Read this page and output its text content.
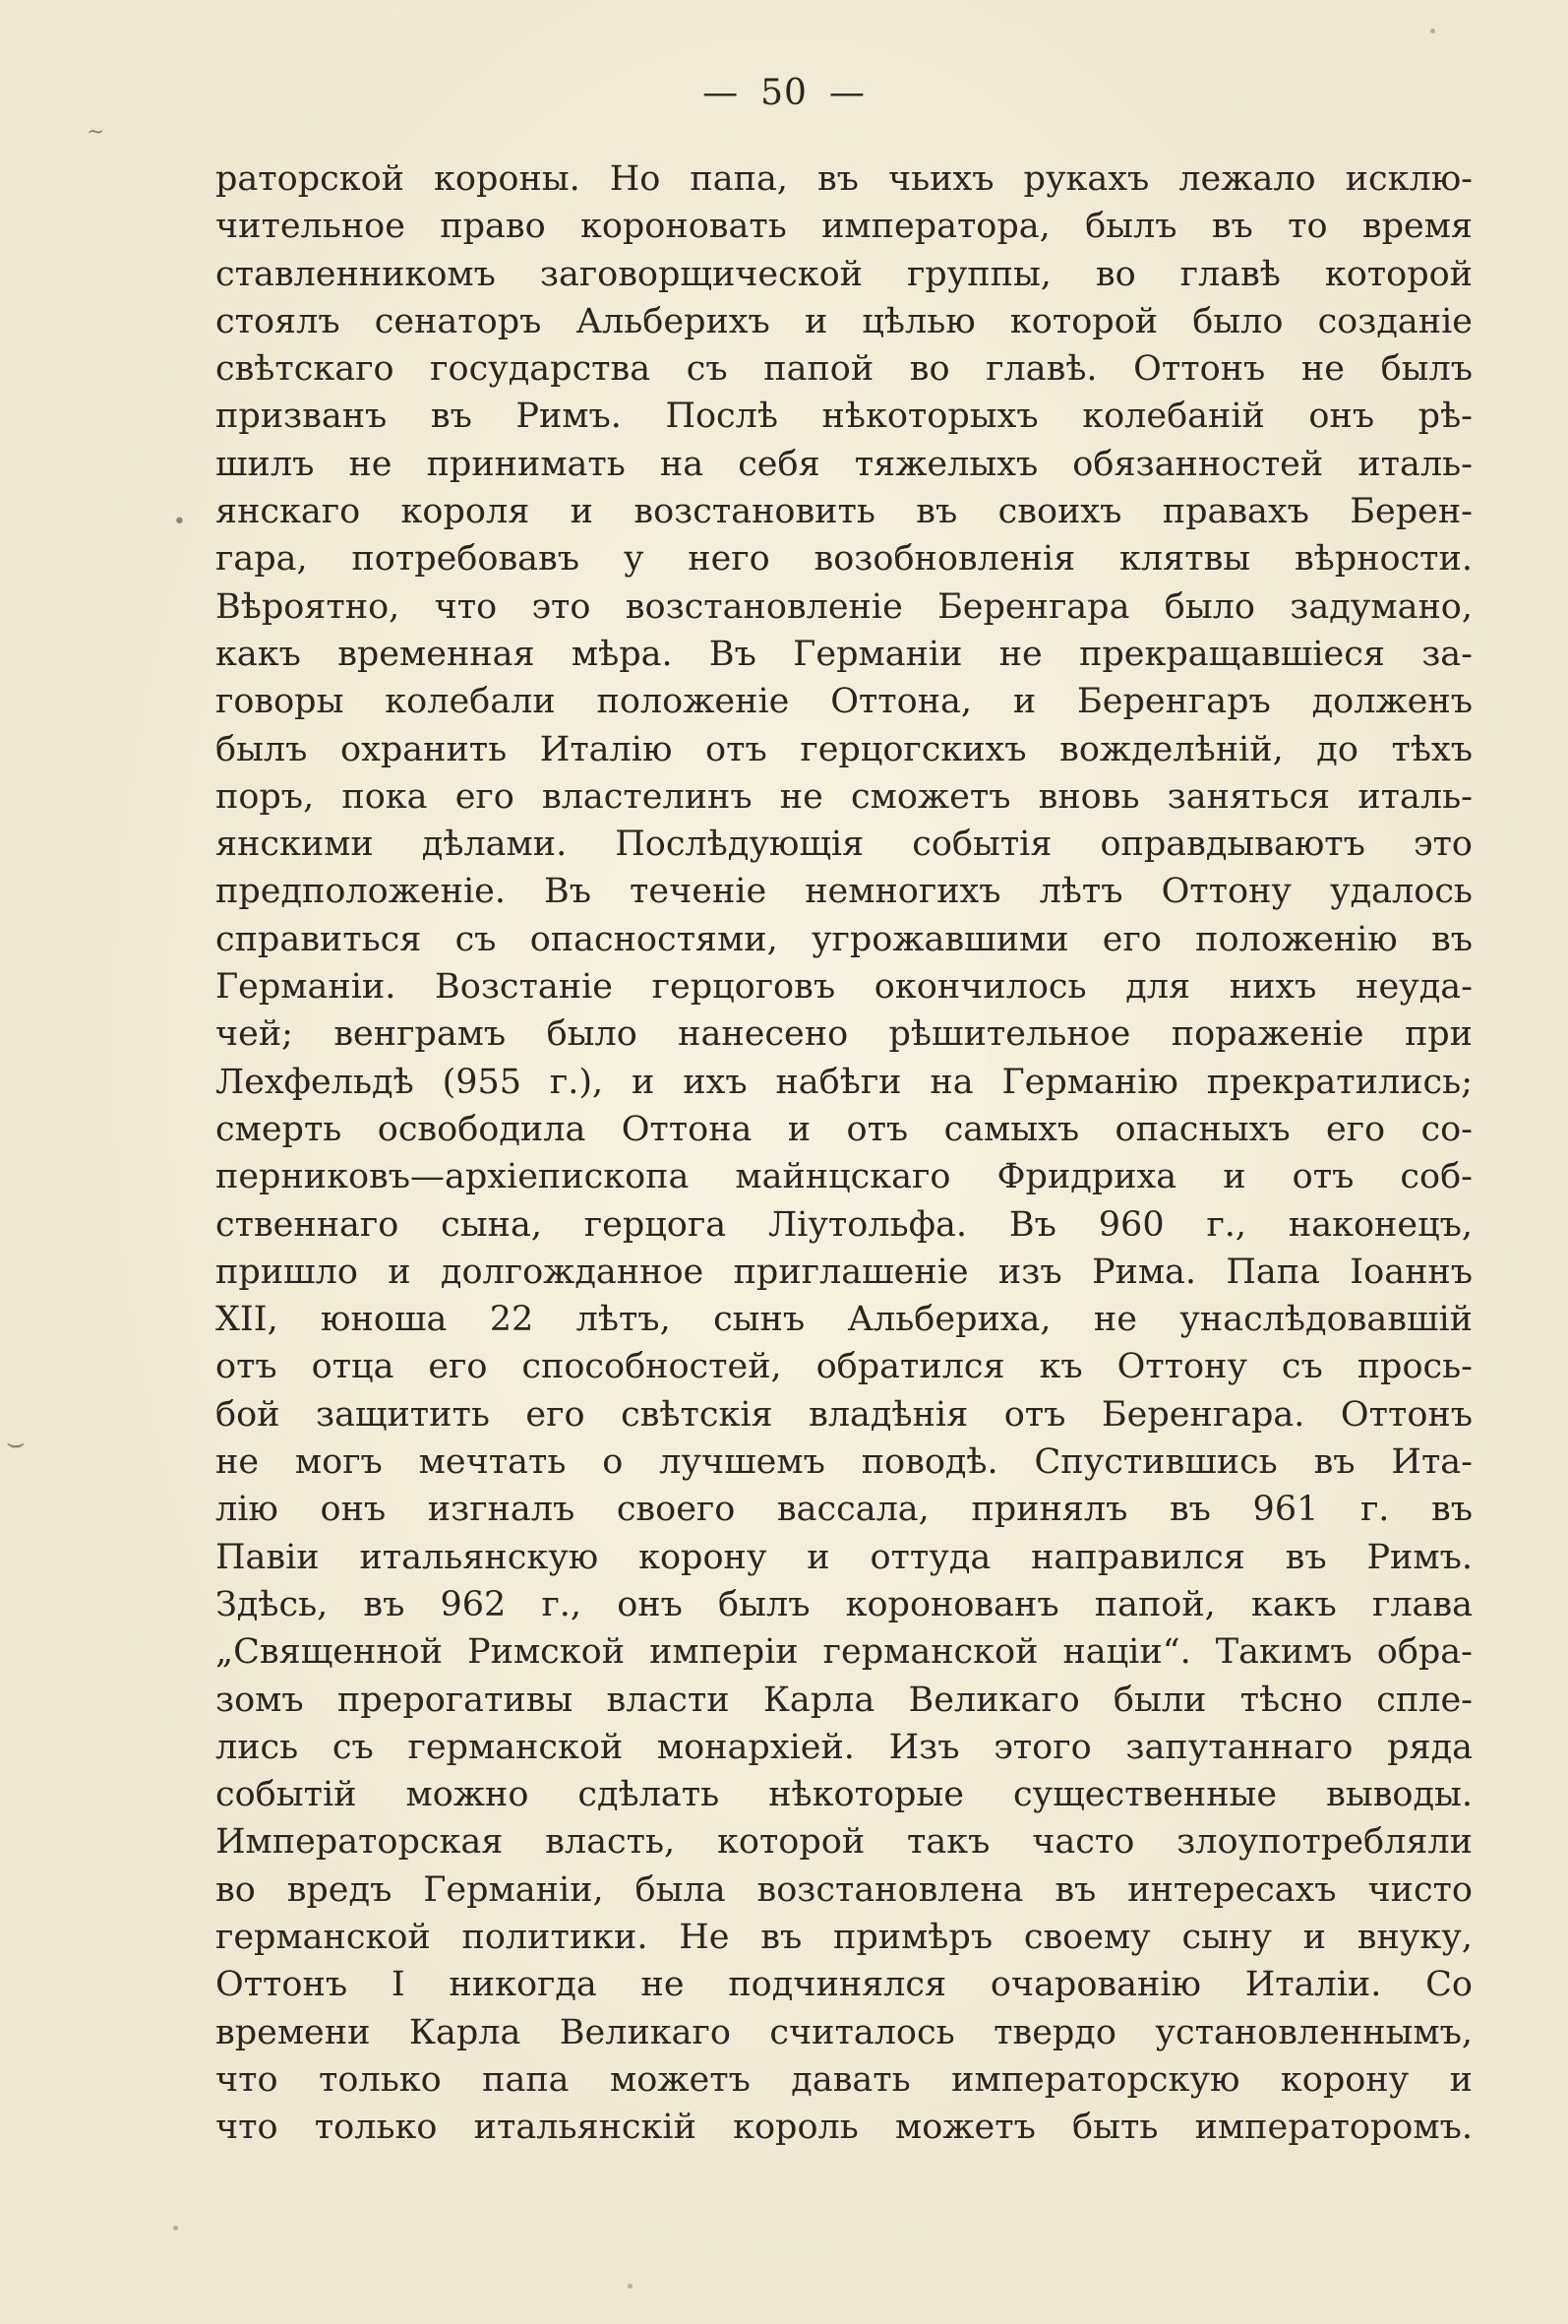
— 50 —
раторской короны. Но папа, въ чьихъ рукахъ лежало исклю-
чительное право короновать императора, былъ въ то время
ставленникомъ заговорщической группы, во главѣ которой
стоялъ сенаторъ Альберихъ и цѣлью которой было созданіе
свѣтскаго государства съ папой во главѣ. Оттонъ не былъ
призванъ въ Римъ. Послѣ нѣкоторыхъ колебаній онъ рѣ-
шилъ не принимать на себя тяжелыхъ обязанностей италь-
янскаго короля и возстановить въ своихъ правахъ Берен-
гара, потребовавъ у него возобновленія клятвы вѣрности.
Вѣроятно, что это возстановленіе Беренгара было задумано,
какъ временная мѣра. Въ Германіи не прекращавшіеся за-
говоры колебали положеніе Оттона, и Беренгаръ долженъ
былъ охранить Италію отъ герцогскихъ вожделѣній, до тѣхъ
поръ, пока его властелинъ не сможетъ вновь заняться италь-
янскими дѣлами. Послѣдующія событія оправдываютъ это
предположеніе. Въ теченіе немногихъ лѣтъ Оттону удалось
справиться съ опасностями, угрожавшими его положенію въ
Германіи. Возстаніе герцоговъ окончилось для нихъ неуда-
чей; венграмъ было нанесено рѣшительное пораженіе при
Лехфельдѣ (955 г.), и ихъ набѣги на Германію прекратились;
смерть освободила Оттона и отъ самыхъ опасныхъ его со-
перниковъ—архіепископа майнцскаго Фридриха и отъ соб-
ственнаго сына, герцога Ліутольфа. Въ 960 г., наконецъ,
пришло и долгожданное приглашеніе изъ Рима. Папа Іоаннъ
XII, юноша 22 лѣтъ, сынъ Альбериха, не унаслѣдовавшій
отъ отца его способностей, обратился къ Оттону съ прось-
бой защитить его свѣтскія владѣнія отъ Беренгара. Оттонъ
не могъ мечтать о лучшемъ поводѣ. Спустившись въ Ита-
лію онъ изгналъ своего вассала, принялъ въ 961 г. въ
Павіи итальянскую корону и оттуда направился въ Римъ.
Здѣсь, въ 962 г., онъ былъ коронованъ папой, какъ глава
„Священной Римской имперіи германской націи“. Такимъ обра-
зомъ прерогативы власти Карла Великаго были тѣсно спле-
лись съ германской монархіей. Изъ этого запутаннаго ряда
событій можно сдѣлать нѣкоторые существенные выводы.
Императорская власть, которой такъ часто злоупотребляли
во вредъ Германіи, была возстановлена въ интересахъ чисто
германской политики. Не въ примѣръ своему сыну и внуку,
Оттонъ I никогда не подчинялся очарованію Италіи. Со
времени Карла Великаго считалось твердо установленнымъ,
что только папа можетъ давать императорскую корону и
что только итальянскій король можетъ быть императоромъ.
~
•
⌣
